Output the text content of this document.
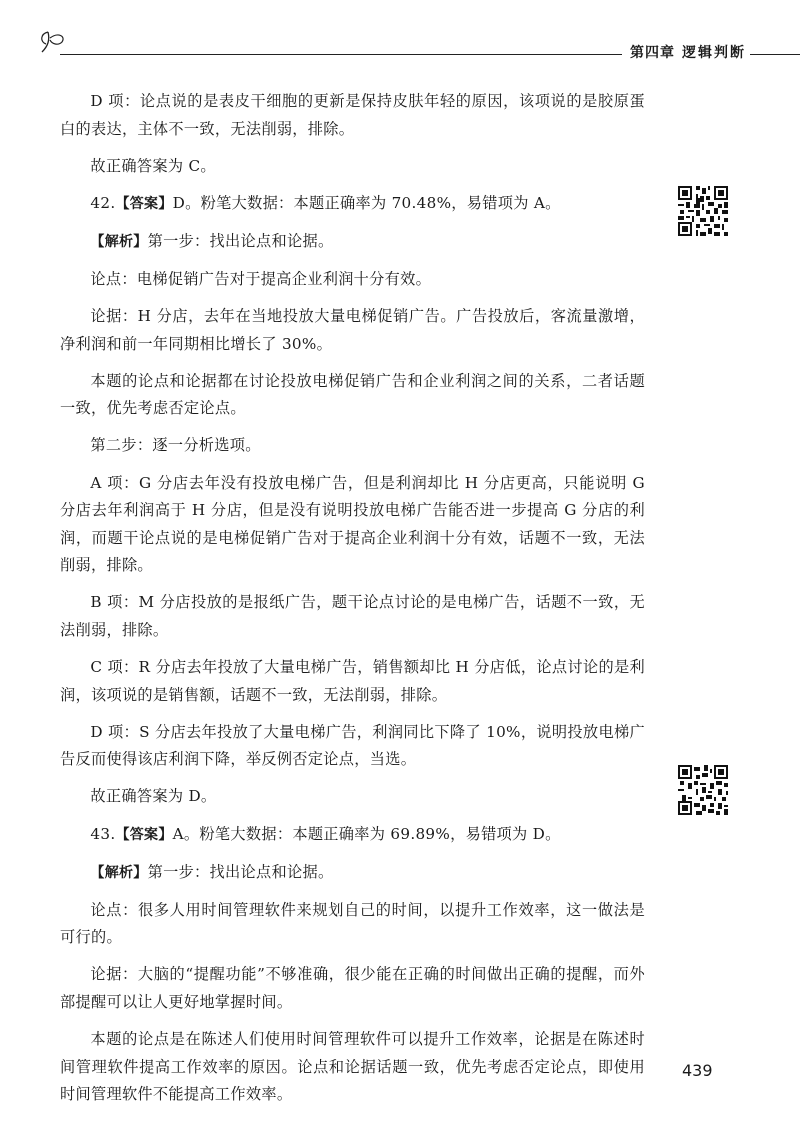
第四章 逻辑判断

D 项：论点说的是表皮干细胞的更新是保持皮肤年轻的原因，该项说的是胶原蛋白的表达，主体不一致，无法削弱，排除。

故正确答案为 C。

42.【答案】D。粉笔大数据：本题正确率为 70.48%，易错项为 A。

【解析】第一步：找出论点和论据。

论点：电梯促销广告对于提高企业利润十分有效。

论据：H 分店，去年在当地投放大量电梯促销广告。广告投放后，客流量激增，净利润和前一年同期相比增长了 30%。

本题的论点和论据都在讨论投放电梯促销广告和企业利润之间的关系，二者话题一致，优先考虑否定论点。

第二步：逐一分析选项。

A 项：G 分店去年没有投放电梯广告，但是利润却比 H 分店更高，只能说明 G 分店去年利润高于 H 分店，但是没有说明投放电梯广告能否进一步提高 G 分店的利润，而题干论点说的是电梯促销广告对于提高企业利润十分有效，话题不一致，无法削弱，排除。

B 项：M 分店投放的是报纸广告，题干论点讨论的是电梯广告，话题不一致，无法削弱，排除。

C 项：R 分店去年投放了大量电梯广告，销售额却比 H 分店低，论点讨论的是利润，该项说的是销售额，话题不一致，无法削弱，排除。

D 项：S 分店去年投放了大量电梯广告，利润同比下降了 10%，说明投放电梯广告反而使得该店利润下降，举反例否定论点，当选。

故正确答案为 D。

43.【答案】A。粉笔大数据：本题正确率为 69.89%，易错项为 D。

【解析】第一步：找出论点和论据。

论点：很多人用时间管理软件来规划自己的时间，以提升工作效率，这一做法是可行的。

论据：大脑的“提醒功能”不够准确，很少能在正确的时间做出正确的提醒，而外部提醒可以让人更好地掌握时间。

本题的论点是在陈述人们使用时间管理软件可以提升工作效率，论据是在陈述时间管理软件提高工作效率的原因。论点和论据话题一致，优先考虑否定论点，即使用时间管理软件不能提高工作效率。

439
